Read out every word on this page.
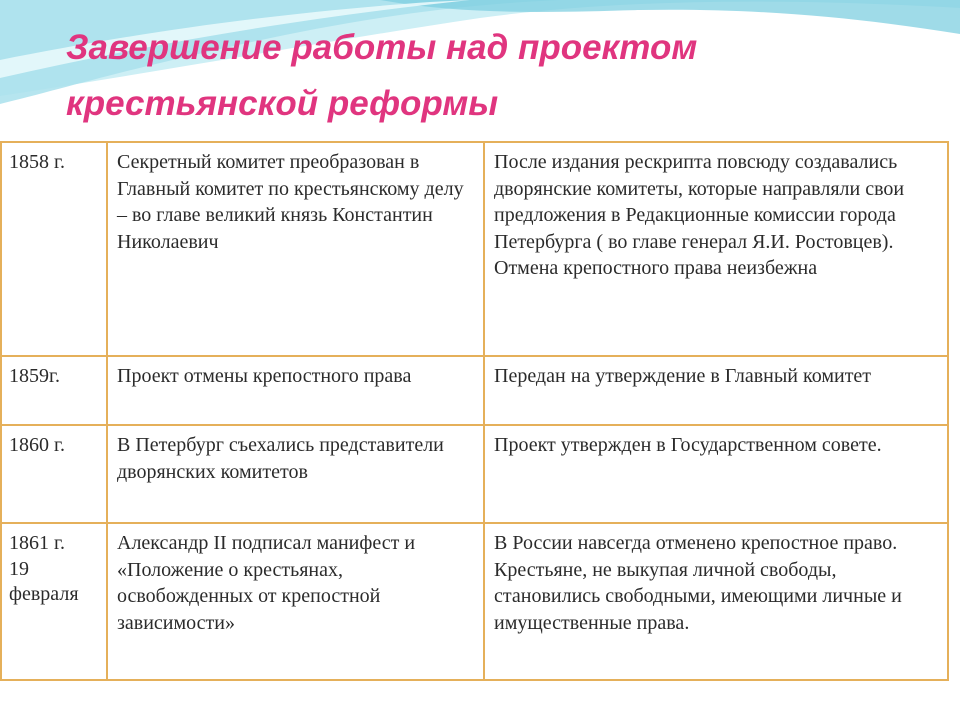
Завершение работы над проектом
крестьянской реформы
1858 г.	Секретный комитет преобразован в Главный комитет по крестьянскому делу – во главе великий князь Константин Николаевич	После издания рескрипта повсюду создавались дворянские комитеты, которые направляли свои предложения в Редакционные комиссии города Петербурга ( во главе генерал Я.И. Ростовцев). Отмена крепостного права неизбежна

1859г.	Проект отмены крепостного права	Передан на утверждение в Главный комитет

1860 г.	В Петербург съехались представители дворянских комитетов	Проект утвержден в Государственном совете.

1861 г.
19
февраля	Александр II подписал манифест и «Положение о крестьянах, освобожденных от крепостной зависимости»	В России навсегда отменено крепостное право. Крестьяне, не выкупая личной свободы, становились свободными, имеющими личные и имущественные права.
